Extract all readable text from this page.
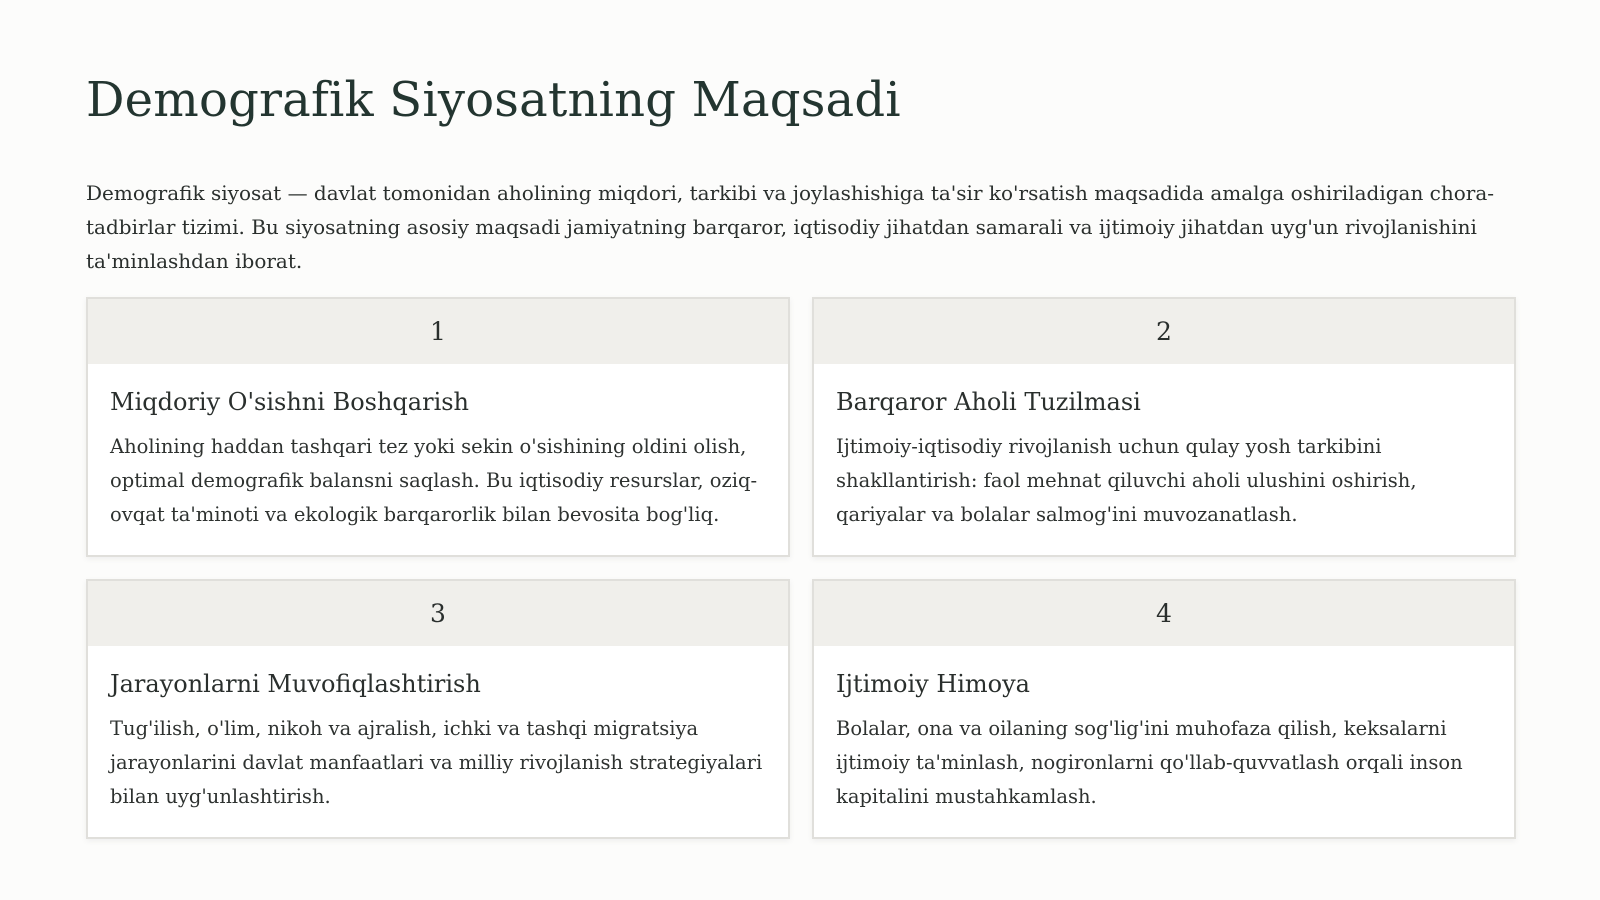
Demografik Siyosatning Maqsadi

Demografik siyosat — davlat tomonidan aholining miqdori, tarkibi va joylashishiga ta'sir ko'rsatish maqsadida amalga oshiriladigan chora-tadbirlar tizimi. Bu siyosatning asosiy maqsadi jamiyatning barqaror, iqtisodiy jihatdan samarali va ijtimoiy jihatdan uyg'un rivojlanishini ta'minlashdan iborat.

1
Miqdoriy O'sishni Boshqarish

Aholining haddan tashqari tez yoki sekin o'sishining oldini olish, optimal demografik balansni saqlash. Bu iqtisodiy resurslar, oziq-ovqat ta'minoti va ekologik barqarorlik bilan bevosita bog'liq.

2
Barqaror Aholi Tuzilmasi

Ijtimoiy-iqtisodiy rivojlanish uchun qulay yosh tarkibini shakllantirish: faol mehnat qiluvchi aholi ulushini oshirish, qariyalar va bolalar salmog'ini muvozanatlash.

3
Jarayonlarni Muvofiqlashtirish

Tug'ilish, o'lim, nikoh va ajralish, ichki va tashqi migratsiya jarayonlarini davlat manfaatlari va milliy rivojlanish strategiyalari bilan uyg'unlashtirish.

4
Ijtimoiy Himoya

Bolalar, ona va oilaning sog'lig'ini muhofaza qilish, keksalarni ijtimoiy ta'minlash, nogironlarni qo'llab-quvvatlash orqali inson kapitalini mustahkamlash.
